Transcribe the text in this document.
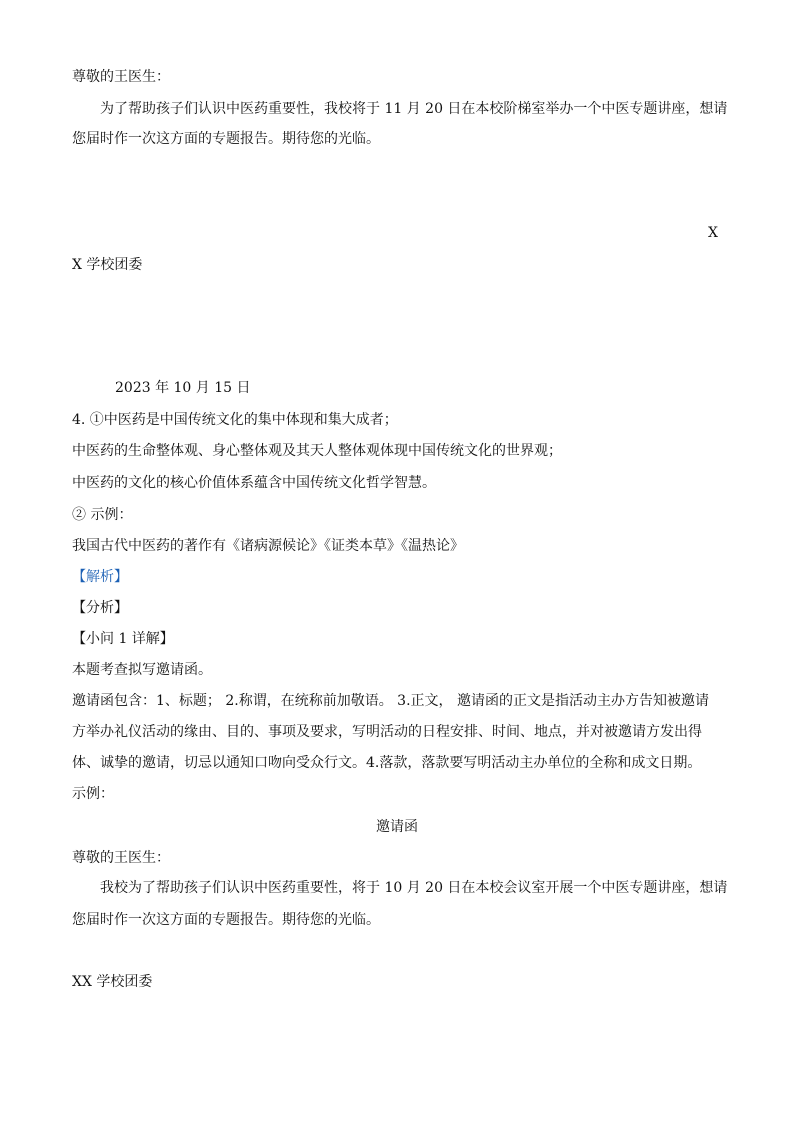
尊敬的王医生：
为了帮助孩子们认识中医药重要性，我校将于 11 月 20 日在本校阶梯室举办一个中医专题讲座，想请
您届时作一次这方面的专题报告。期待您的光临。
X
X 学校团委
2023 年 10 月 15 日
4. ①中医药是中国传统文化的集中体现和集大成者；
中医药的生命整体观、身心整体观及其天人整体观体现中国传统文化的世界观；
中医药的文化的核心价值体系蕴含中国传统文化哲学智慧。
② 示例：
我国古代中医药的著作有《诸病源候论》《证类本草》《温热论》
【解析】
【分析】
【小问 1 详解】
本题考查拟写邀请函。
邀请函包含：1、标题； 2.称谓，在统称前加敬语。 3.正文， 邀请函的正文是指活动主办方告知被邀请
方举办礼仪活动的缘由、目的、事项及要求，写明活动的日程安排、时间、地点，并对被邀请方发出得
体、诚挚的邀请，切忌以通知口吻向受众行文。4.落款，落款要写明活动主办单位的全称和成文日期。
示例：
邀请函
尊敬的王医生：
我校为了帮助孩子们认识中医药重要性，将于 10 月 20 日在本校会议室开展一个中医专题讲座，想请
您届时作一次这方面的专题报告。期待您的光临。
XX 学校团委
